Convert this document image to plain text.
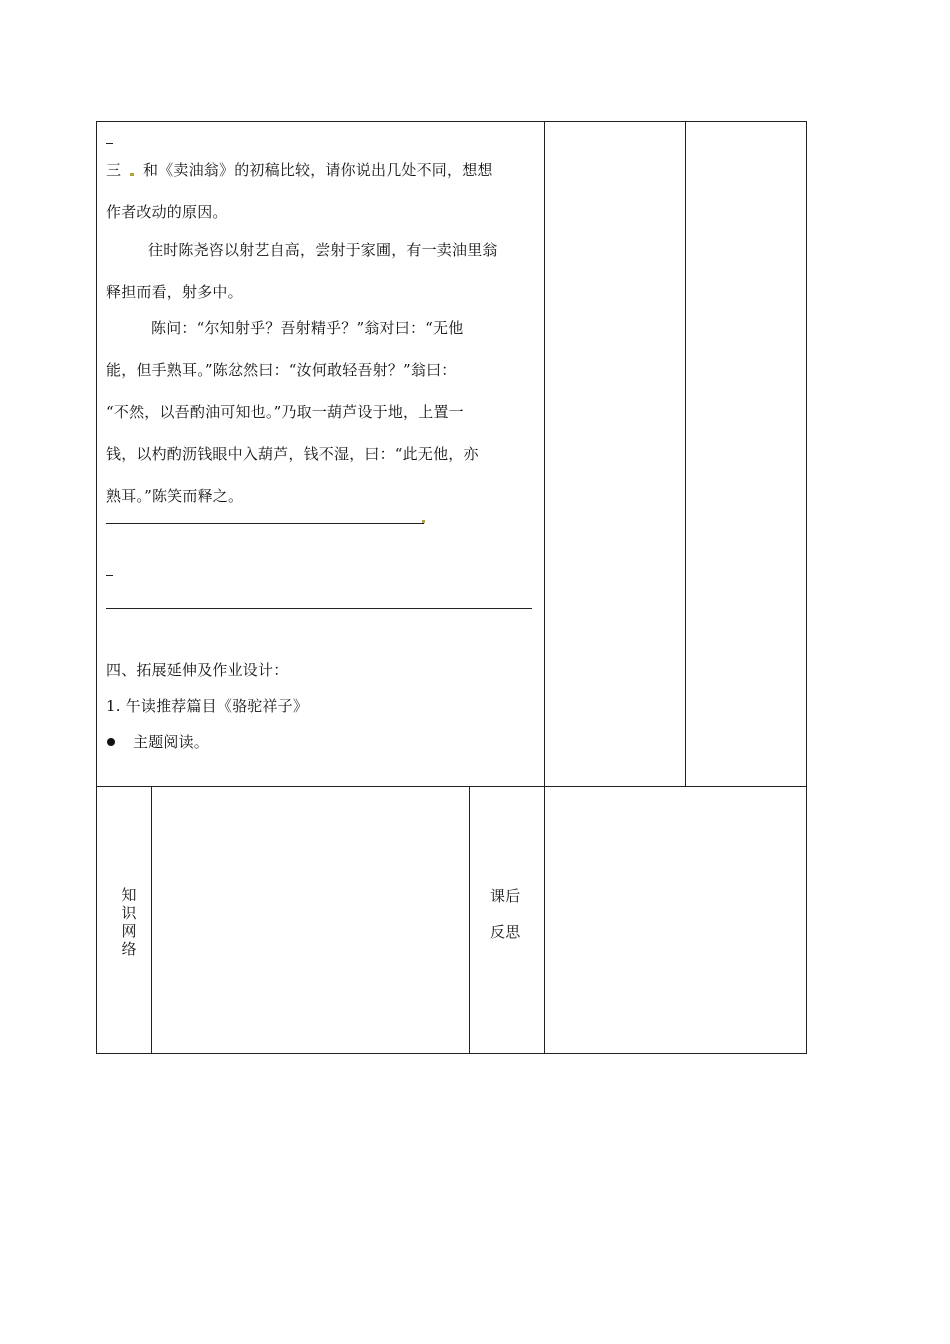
三 和《卖油翁》的初稿比较，请你说出几处不同，想想
作者改动的原因。
往时陈尧咨以射艺自高，尝射于家圃，有一卖油里翁
释担而看，射多中。
陈问：“尔知射乎？吾射精乎？”翁对曰：“无他
能，但手熟耳。”陈忿然曰：“汝何敢轻吾射？”翁曰：
“不然，以吾酌油可知也。”乃取一葫芦设于地，上置一
钱，以杓酌沥钱眼中入葫芦，钱不湿，曰：“此无他，亦
熟耳。”陈笑而释之。
四、拓展延伸及作业设计：
1. 午读推荐篇目《骆驼祥子》
主题阅读。
知识网络
课后
反思
